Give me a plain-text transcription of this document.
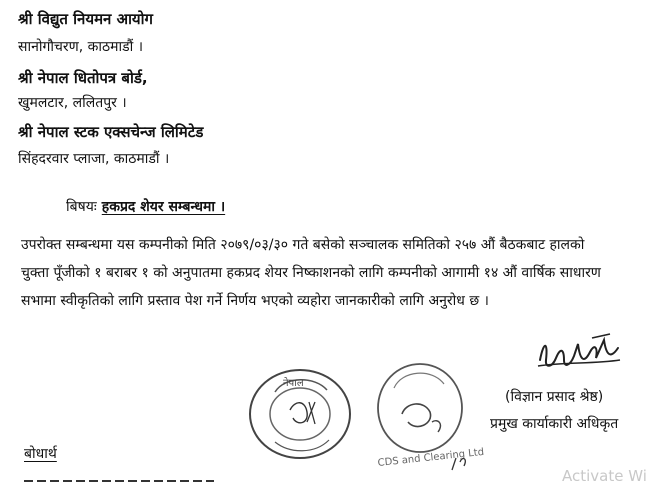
श्री विद्युत नियमन आयोग
सानोगौचरण, काठमाडौं ।
श्री नेपाल धितोपत्र बोर्ड,
खुमलटार, ललितपुर ।
श्री नेपाल स्टक एक्सचेन्ज लिमिटेड
सिंहदरवार प्लाजा, काठमाडौं ।
बिषयः हकप्रद शेयर सम्बन्धमा ।
उपरोक्त सम्बन्धमा यस कम्पनीको मिति २०७९/०३/३० गते बसेको सञ्चालक समितिको २५७ औं बैठकबाट हालको
चुक्ता पूँजीको १ बराबर १ को अनुपातमा हकप्रद शेयर निष्काशनको लागि कम्पनीको आगामी १४ औं वार्षिक साधारण
सभामा स्वीकृतिको लागि प्रस्ताव पेश गर्ने निर्णय भएको व्यहोरा जानकारीको लागि अनुरोध छ ।
(विज्ञान प्रसाद श्रेष्ठ)
प्रमुख कार्याकारी अधिकृत
नेपाल
CDS and Clearing Ltd
बोधार्थ
Activate Wi
